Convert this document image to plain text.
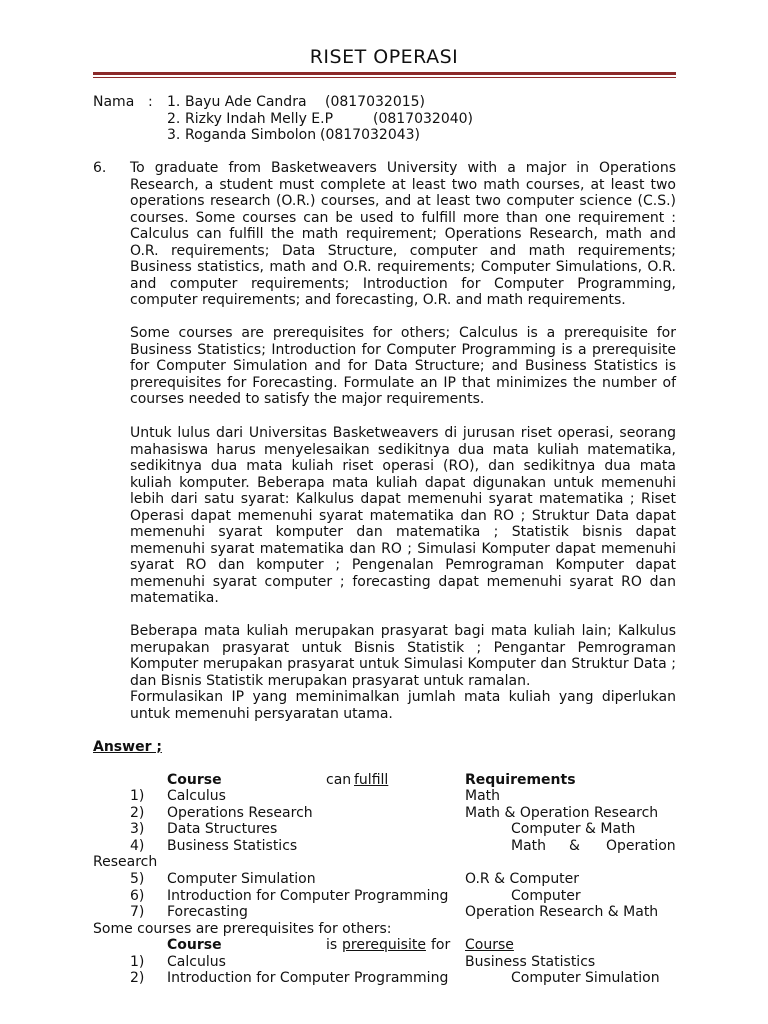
RISET OPERASI
Nama : 1. Bayu Ade Candra (0817032015)
2. Rizky Indah Melly E.P	(0817032040)
3. Roganda Simbolon (0817032043)
6. To graduate from Basketweavers University with a major in Operations Research, a student must complete at least two math courses, at least two operations research (O.R.) courses, and at least two computer science (C.S.) courses. Some courses can be used to fulfill more than one requirement : Calculus can fulfill the math requirement; Operations Research, math and O.R. requirements; Data Structure, computer and math requirements; Business statistics, math and O.R. requirements; Computer Simulations, O.R. and computer requirements; Introduction for Computer Programming, computer requirements; and forecasting, O.R. and math requirements.
Some courses are prerequisites for others; Calculus is a prerequisite for Business Statistics; Introduction for Computer Programming is a prerequisite for Computer Simulation and for Data Structure; and Business Statistics is prerequisites for Forecasting. Formulate an IP that minimizes the number of courses needed to satisfy the major requirements.
Untuk lulus dari Universitas Basketweavers di jurusan riset operasi, seorang mahasiswa harus menyelesaikan sedikitnya dua mata kuliah matematika, sedikitnya dua mata kuliah riset operasi (RO), dan sedikitnya dua mata kuliah komputer. Beberapa mata kuliah dapat digunakan untuk memenuhi lebih dari satu syarat: Kalkulus dapat memenuhi syarat matematika ; Riset Operasi dapat memenuhi syarat matematika dan RO ; Struktur Data dapat memenuhi syarat komputer dan matematika ; Statistik bisnis dapat memenuhi syarat matematika dan RO ; Simulasi Komputer dapat memenuhi syarat RO dan komputer ; Pengenalan Pemrograman Komputer dapat memenuhi syarat computer ; forecasting dapat memenuhi syarat RO dan matematika.
Beberapa mata kuliah merupakan prasyarat bagi mata kuliah lain; Kalkulus merupakan prasyarat untuk Bisnis Statistik ; Pengantar Pemrograman Komputer merupakan prasyarat untuk Simulasi Komputer dan Struktur Data ; dan Bisnis Statistik merupakan prasyarat untuk ramalan.
Formulasikan IP yang meminimalkan jumlah mata kuliah yang diperlukan untuk memenuhi persyaratan utama.
Answer ;
Course	can fulfill	Requirements
1) Calculus	Math
2) Operations Research	Math & Operation Research
3) Data Structures	Computer & Math
4) Business Statistics	Math & Operation
Research
5) Computer Simulation	O.R & Computer
6) Introduction for Computer Programming	Computer
7) Forecasting	Operation Research & Math
Some courses are prerequisites for others:
Course	is prerequisite for Course
1) Calculus	Business Statistics
2) Introduction for Computer Programming	Computer Simulation
